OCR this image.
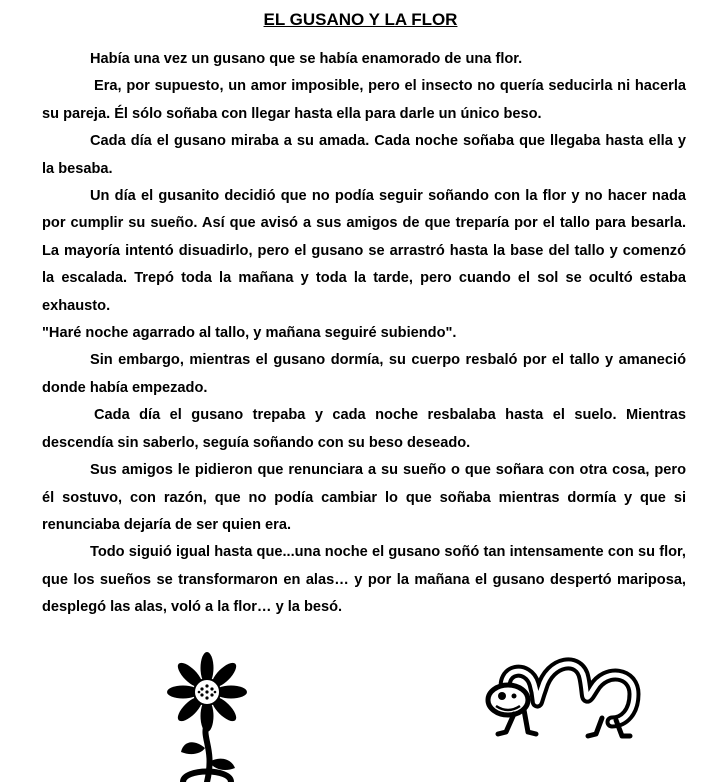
EL GUSANO Y LA FLOR

Había una vez un gusano que se había enamorado de una flor.

Era, por supuesto, un amor imposible, pero el insecto no quería seducirla ni hacerla su pareja. Él sólo soñaba con llegar hasta ella para darle un único beso.

Cada día el gusano miraba a su amada. Cada noche soñaba que llegaba hasta ella y la besaba.

Un día el gusanito decidió que no podía seguir soñando con la flor y no hacer nada por cumplir su sueño. Así que avisó a sus amigos de que treparía por el tallo para besarla. La mayoría intentó disuadirlo, pero el gusano se arrastró hasta la base del tallo y comenzó la escalada. Trepó toda la mañana y toda la tarde, pero cuando el sol se ocultó estaba exhausto.

"Haré noche agarrado al tallo, y mañana seguiré subiendo".

Sin embargo, mientras el gusano dormía, su cuerpo resbaló por el tallo y amaneció donde había empezado.

Cada día el gusano trepaba y cada noche resbalaba hasta el suelo. Mientras descendía sin saberlo, seguía soñando con su beso deseado.

Sus amigos le pidieron que renunciara a su sueño o que soñara con otra cosa, pero él sostuvo, con razón, que no podía cambiar lo que soñaba mientras dormía y que si renunciaba dejaría de ser quien era.

Todo siguió igual hasta que...una noche el gusano soñó tan intensamente con su flor, que los sueños se transformaron en alas… y por la mañana el gusano despertó mariposa, desplegó las alas, voló a la flor… y la besó.
